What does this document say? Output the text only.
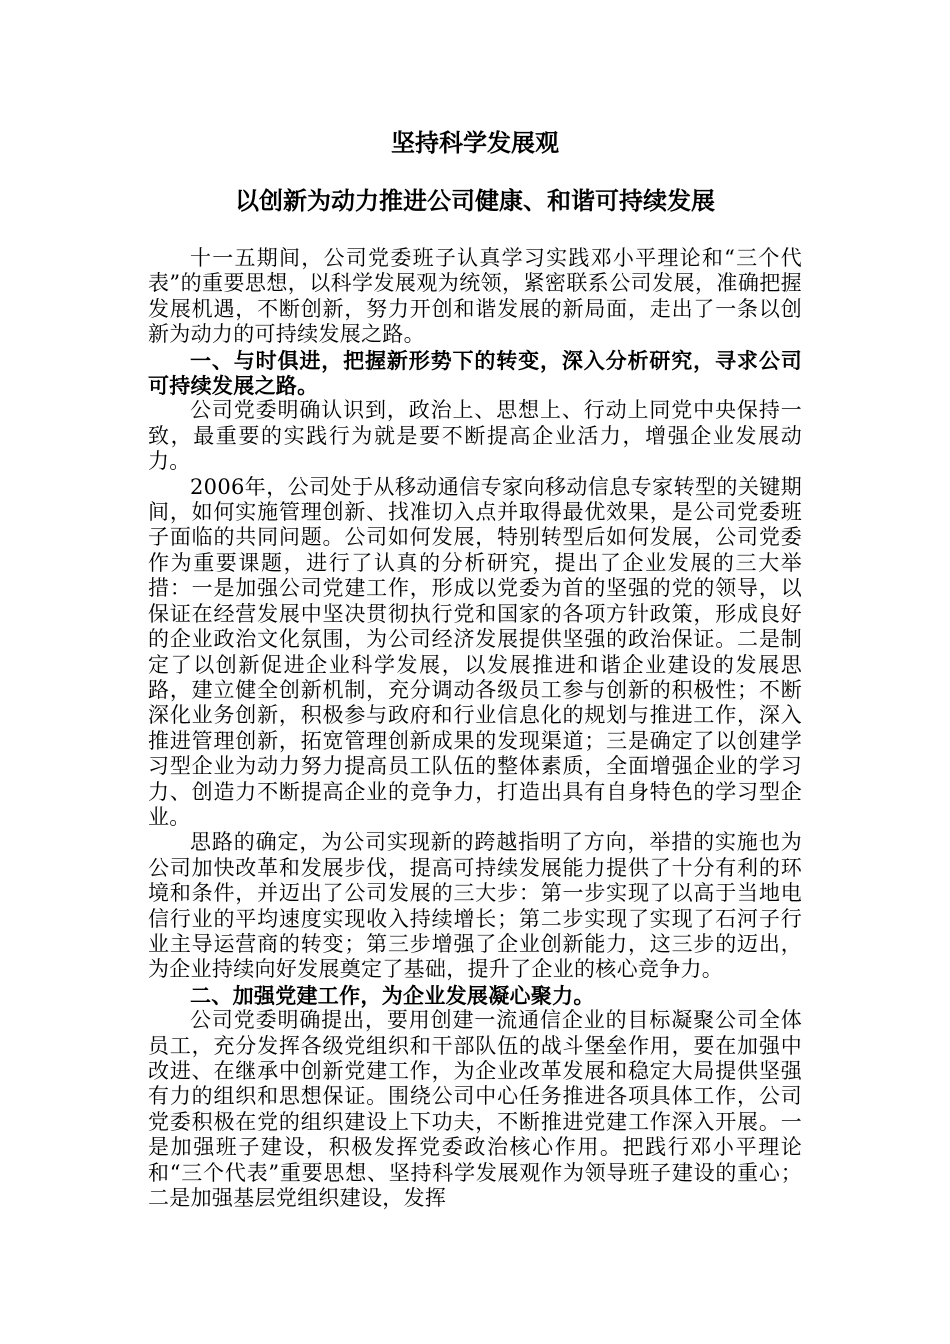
坚持科学发展观
以创新为动力推进公司健康、和谐可持续发展

十一五期间，公司党委班子认真学习实践邓小平理论和“三个代表”的重要思想，以科学发展观为统领，紧密联系公司发展，准确把握发展机遇，不断创新，努力开创和谐发展的新局面，走出了一条以创新为动力的可持续发展之路。

一、与时俱进，把握新形势下的转变，深入分析研究，寻求公司可持续发展之路。

公司党委明确认识到，政治上、思想上、行动上同党中央保持一致，最重要的实践行为就是要不断提高企业活力，增强企业发展动力。

2006年，公司处于从移动通信专家向移动信息专家转型的关键期间，如何实施管理创新、找准切入点并取得最优效果，是公司党委班子面临的共同问题。公司如何发展，特别转型后如何发展，公司党委作为重要课题，进行了认真的分析研究，提出了企业发展的三大举措：一是加强公司党建工作，形成以党委为首的坚强的党的领导，以保证在经营发展中坚决贯彻执行党和国家的各项方针政策，形成良好的企业政治文化氛围，为公司经济发展提供坚强的政治保证。二是制定了以创新促进企业科学发展，以发展推进和谐企业建设的发展思路，建立健全创新机制，充分调动各级员工参与创新的积极性；不断深化业务创新，积极参与政府和行业信息化的规划与推进工作，深入推进管理创新，拓宽管理创新成果的发现渠道；三是确定了以创建学习型企业为动力努力提高员工队伍的整体素质，全面增强企业的学习力、创造力不断提高企业的竞争力，打造出具有自身特色的学习型企业。

思路的确定，为公司实现新的跨越指明了方向，举措的实施也为公司加快改革和发展步伐，提高可持续发展能力提供了十分有利的环境和条件，并迈出了公司发展的三大步：第一步实现了以高于当地电信行业的平均速度实现收入持续增长；第二步实现了实现了石河子行业主导运营商的转变；第三步增强了企业创新能力，这三步的迈出，为企业持续向好发展奠定了基础，提升了企业的核心竞争力。

二、加强党建工作，为企业发展凝心聚力。

公司党委明确提出，要用创建一流通信企业的目标凝聚公司全体员工，充分发挥各级党组织和干部队伍的战斗堡垒作用，要在加强中改进、在继承中创新党建工作，为企业改革发展和稳定大局提供坚强有力的组织和思想保证。围绕公司中心任务推进各项具体工作，公司党委积极在党的组织建设上下功夫，不断推进党建工作深入开展。一是加强班子建设，积极发挥党委政治核心作用。把践行邓小平理论和“三个代表”重要思想、坚持科学发展观作为领导班子建设的重心；二是加强基层党组织建设，发挥
